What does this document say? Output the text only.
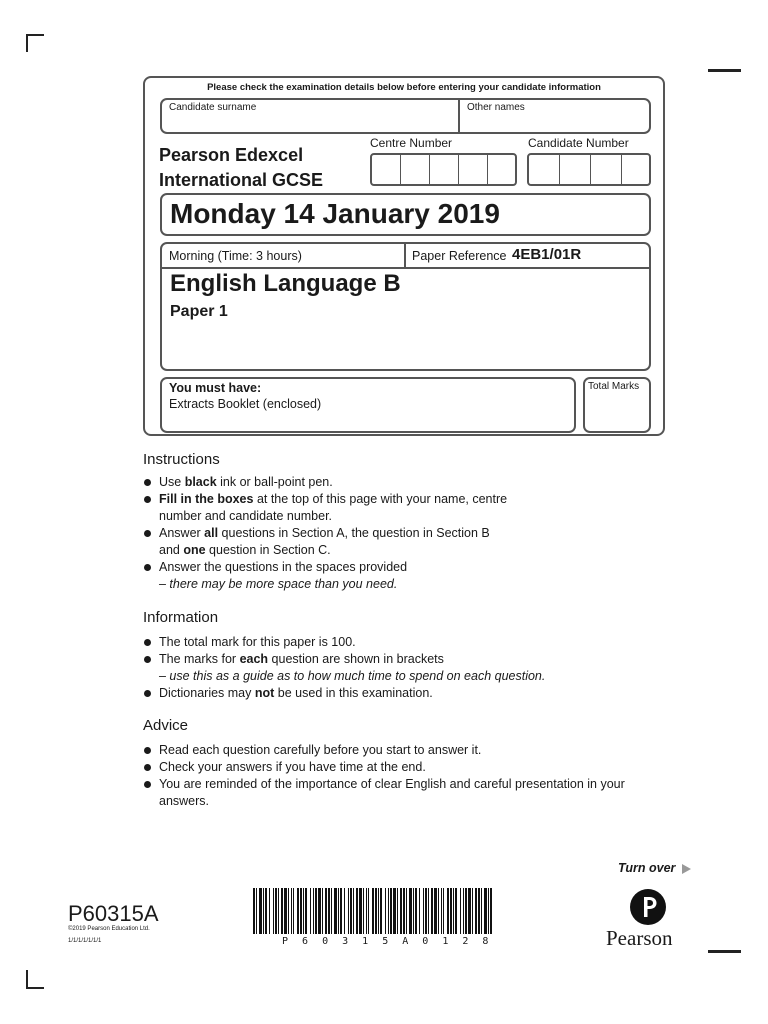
Please check the examination details below before entering your candidate information
Candidate surname	Other names
Pearson Edexcel
International GCSE
Centre Number	Candidate Number
Monday 14 January 2019
Morning (Time: 3 hours)	Paper Reference 4EB1/01R
English Language B
Paper 1
You must have:
Extracts Booklet (enclosed)
Total Marks
Instructions
Use black ink or ball-point pen.
Fill in the boxes at the top of this page with your name, centre number and candidate number.
Answer all questions in Section A, the question in Section B
and one question in Section C.
Answer the questions in the spaces provided
– there may be more space than you need.
Information
The total mark for this paper is 100.
The marks for each question are shown in brackets
– use this as a guide as to how much time to spend on each question.
Dictionaries may not be used in this examination.
Advice
Read each question carefully before you start to answer it.
Check your answers if you have time at the end.
You are reminded of the importance of clear English and careful presentation in your answers.
Turn over
P60315A
©2019 Pearson Education Ltd.
1/1/1/1/1/1/1	P 6 0 3 1 5 A 0 1 2 8	Pearson
